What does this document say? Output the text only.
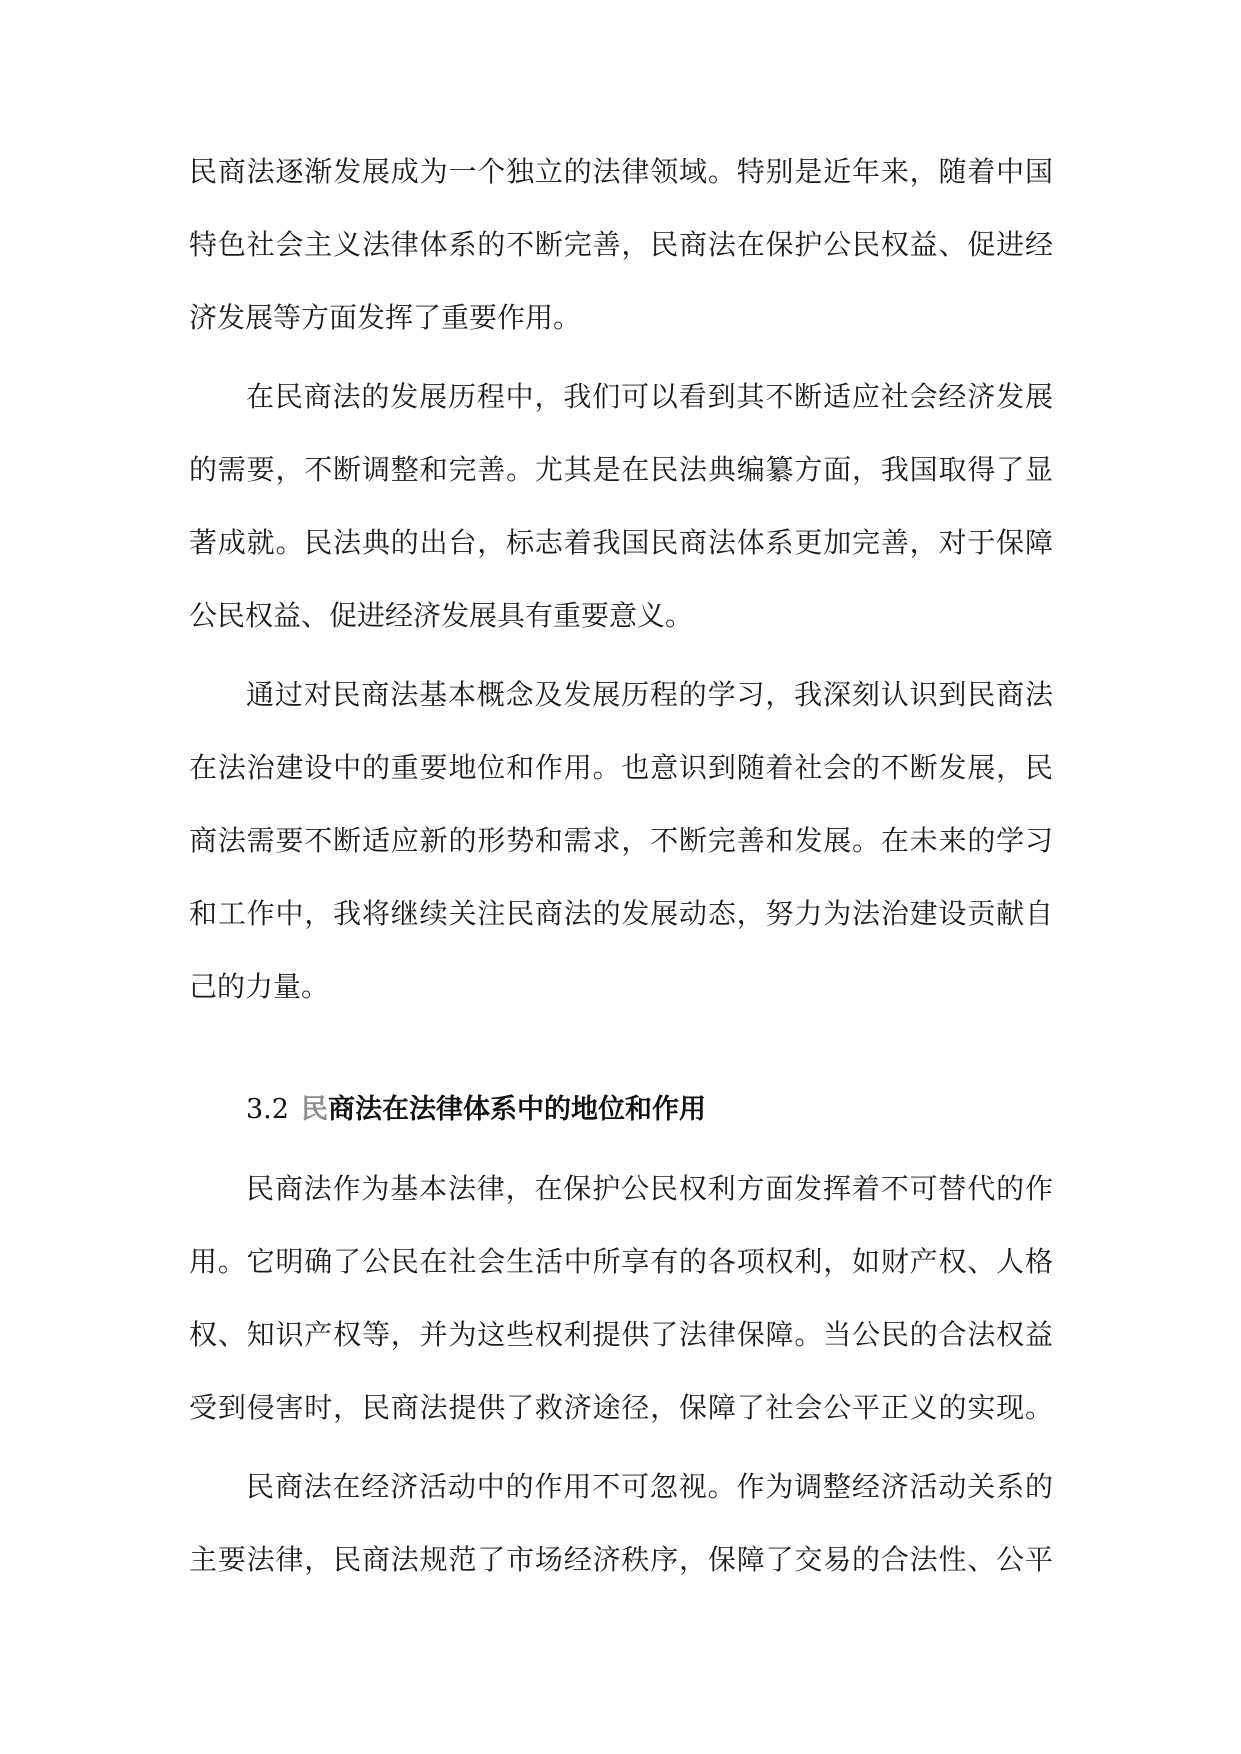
民商法逐渐发展成为一个独立的法律领域。特别是近年来，随着中国
特色社会主义法律体系的不断完善，民商法在保护公民权益、促进经
济发展等方面发挥了重要作用。
在民商法的发展历程中，我们可以看到其不断适应社会经济发展
的需要，不断调整和完善。尤其是在民法典编纂方面，我国取得了显
著成就。民法典的出台，标志着我国民商法体系更加完善，对于保障
公民权益、促进经济发展具有重要意义。
通过对民商法基本概念及发展历程的学习，我深刻认识到民商法
在法治建设中的重要地位和作用。也意识到随着社会的不断发展，民
商法需要不断适应新的形势和需求，不断完善和发展。在未来的学习
和工作中，我将继续关注民商法的发展动态，努力为法治建设贡献自
己的力量。
3.2 民商法在法律体系中的地位和作用
民商法作为基本法律，在保护公民权利方面发挥着不可替代的作
用。它明确了公民在社会生活中所享有的各项权利，如财产权、人格
权、知识产权等，并为这些权利提供了法律保障。当公民的合法权益
受到侵害时，民商法提供了救济途径，保障了社会公平正义的实现。
民商法在经济活动中的作用不可忽视。作为调整经济活动关系的
主要法律，民商法规范了市场经济秩序，保障了交易的合法性、公平
